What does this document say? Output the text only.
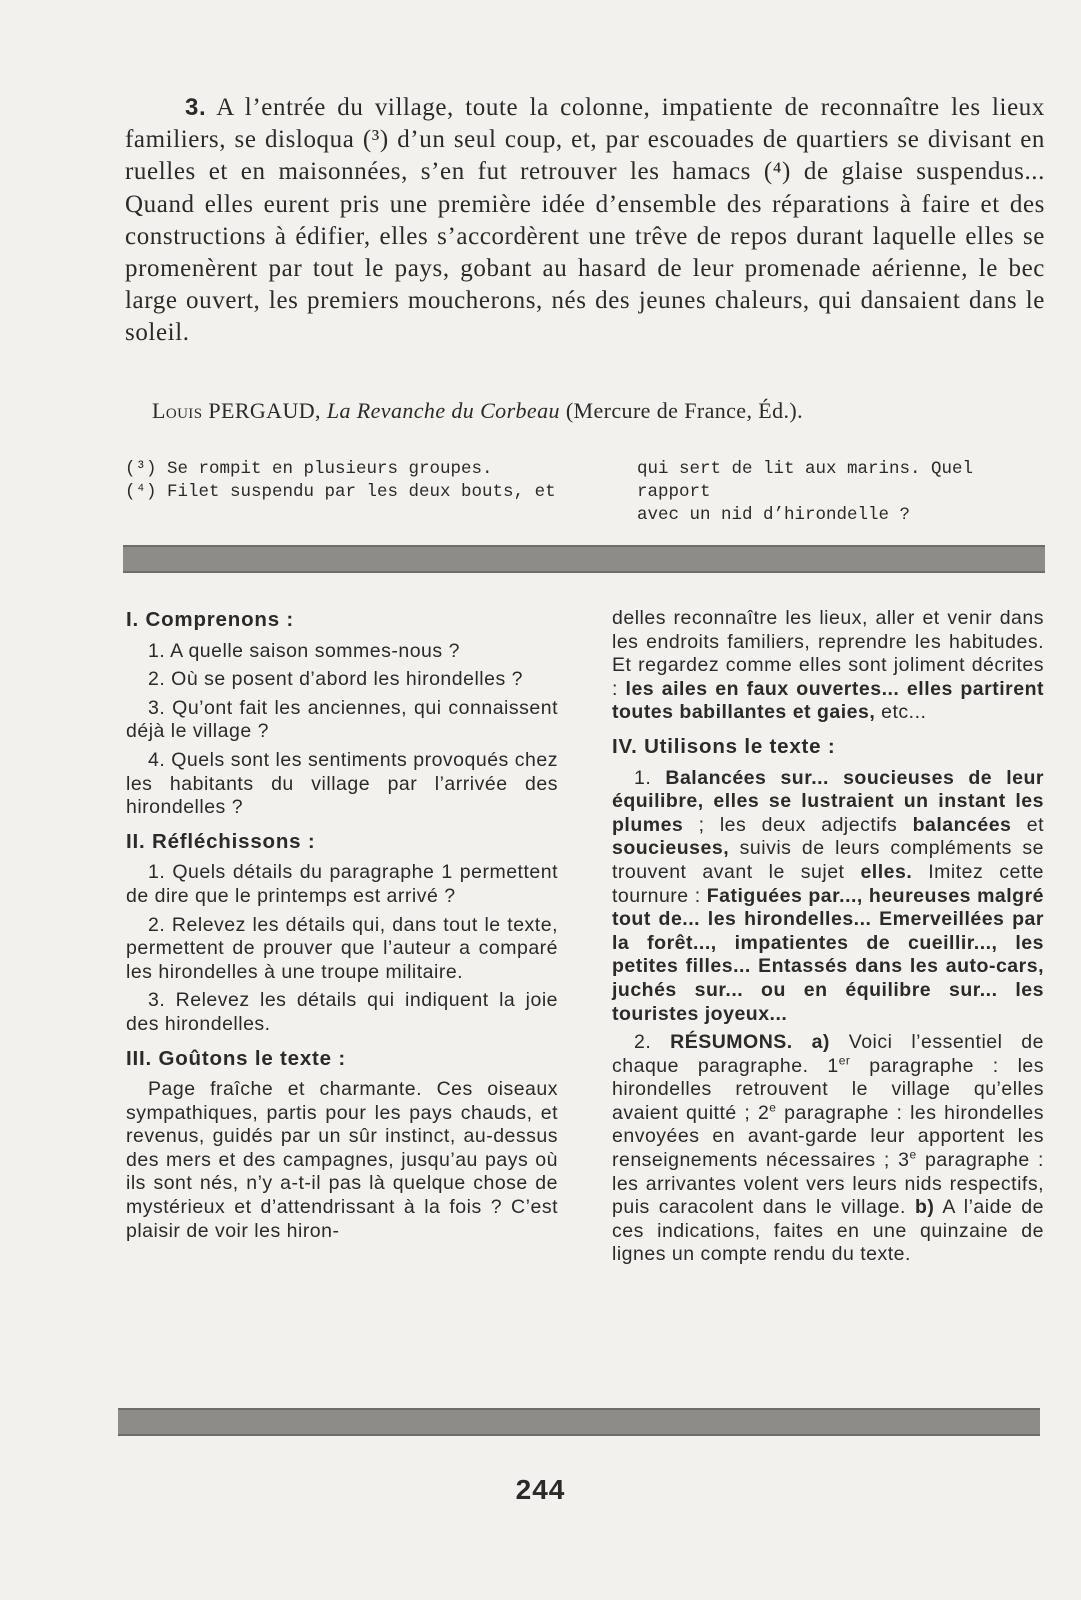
3. A l’entrée du village, toute la colonne, impatiente de reconnaître les lieux familiers, se disloqua (³) d’un seul coup, et, par escouades de quartiers se divisant en ruelles et en maisonnées, s’en fut retrouver les hamacs (⁴) de glaise suspendus... Quand elles eurent pris une première idée d’ensemble des réparations à faire et des constructions à édifier, elles s’accordèrent une trêve de repos durant laquelle elles se promenèrent par tout le pays, gobant au hasard de leur promenade aérienne, le bec large ouvert, les premiers moucherons, nés des jeunes chaleurs, qui dansaient dans le soleil.
Louis PERGAUD, La Revanche du Corbeau (Mercure de France, Éd.).
(³) Se rompit en plusieurs groupes.
(⁴) Filet suspendu par les deux bouts, et
qui sert de lit aux marins. Quel rapport
avec un nid d’hirondelle ?
I. Comprenons :
1. A quelle saison sommes-nous ?
2. Où se posent d’abord les hirondelles ?
3. Qu’ont fait les anciennes, qui connaissent déjà le village ?
4. Quels sont les sentiments provoqués chez les habitants du village par l’arrivée des hirondelles ?
II. Réfléchissons :
1. Quels détails du paragraphe 1 permettent de dire que le printemps est arrivé ?
2. Relevez les détails qui, dans tout le texte, permettent de prouver que l’auteur a comparé les hirondelles à une troupe militaire.
3. Relevez les détails qui indiquent la joie des hirondelles.
III. Goûtons le texte :
Page fraîche et charmante. Ces oiseaux sympathiques, partis pour les pays chauds, et revenus, guidés par un sûr instinct, au-dessus des mers et des campagnes, jusqu’au pays où ils sont nés, n’y a-t-il pas là quelque chose de mystérieux et d’attendrissant à la fois ? C’est plaisir de voir les hiron-
delles reconnaître les lieux, aller et venir dans les endroits familiers, reprendre les habitudes. Et regardez comme elles sont joliment décrites : les ailes en faux ouvertes... elles partirent toutes babillantes et gaies, etc...
IV. Utilisons le texte :
1. Balancées sur... soucieuses de leur équilibre, elles se lustraient un instant les plumes ; les deux adjectifs balancées et soucieuses, suivis de leurs compléments se trouvent avant le sujet elles. Imitez cette tournure : Fatiguées par..., heureuses malgré tout de... les hirondelles... Emerveillées par la forêt..., impatientes de cueillir..., les petites filles... Entassés dans les auto-cars, juchés sur... ou en équilibre sur... les touristes joyeux...
2. RÉSUMONS. a) Voici l’essentiel de chaque paragraphe. 1er paragraphe : les hirondelles retrouvent le village qu’elles avaient quitté ; 2e paragraphe : les hirondelles envoyées en avant-garde leur apportent les renseignements nécessaires ; 3e paragraphe : les arrivantes volent vers leurs nids respectifs, puis caracolent dans le village. b) A l’aide de ces indications, faites en une quinzaine de lignes un compte rendu du texte.
244
